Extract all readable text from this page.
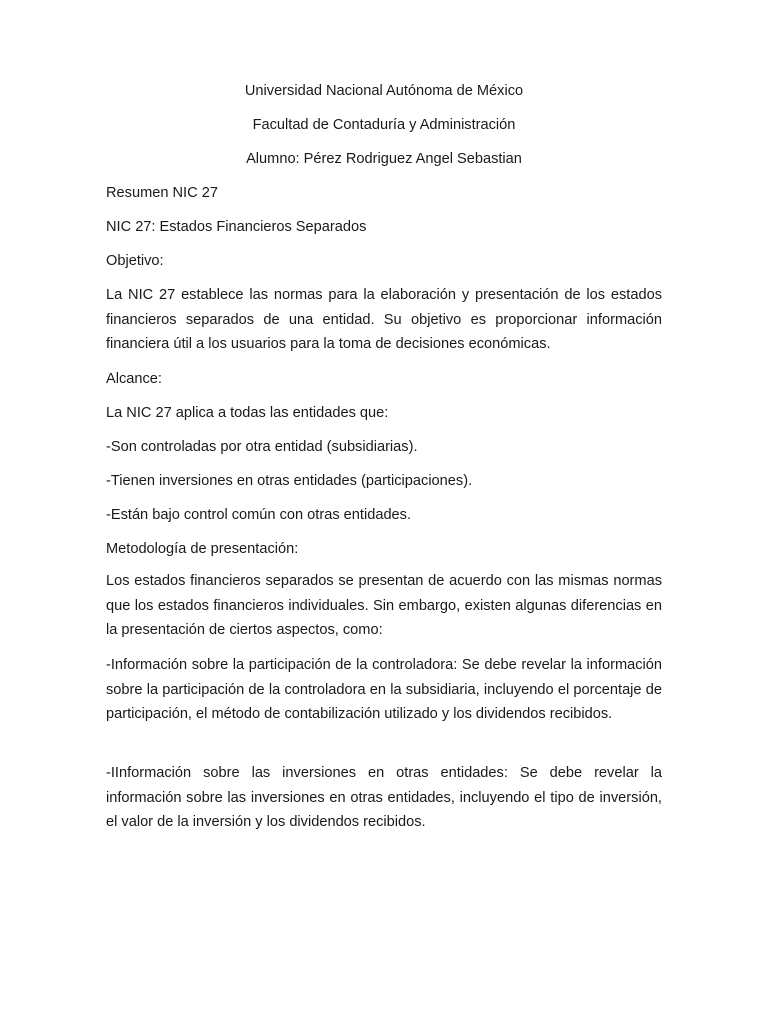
Universidad Nacional Autónoma de México

Facultad de Contaduría y Administración

Alumno: Pérez Rodriguez Angel Sebastian

Resumen NIC 27

NIC 27: Estados Financieros Separados

Objetivo:

La NIC 27 establece las normas para la elaboración y presentación de los estados financieros separados de una entidad. Su objetivo es proporcionar información financiera útil a los usuarios para la toma de decisiones económicas.

Alcance:

La NIC 27 aplica a todas las entidades que:

-Son controladas por otra entidad (subsidiarias).

-Tienen inversiones en otras entidades (participaciones).

-Están bajo control común con otras entidades.

Metodología de presentación:

Los estados financieros separados se presentan de acuerdo con las mismas normas que los estados financieros individuales. Sin embargo, existen algunas diferencias en la presentación de ciertos aspectos, como:

-Información sobre la participación de la controladora: Se debe revelar la información sobre la participación de la controladora en la subsidiaria, incluyendo el porcentaje de participación, el método de contabilización utilizado y los dividendos recibidos.

-IInformación sobre las inversiones en otras entidades: Se debe revelar la información sobre las inversiones en otras entidades, incluyendo el tipo de inversión, el valor de la inversión y los dividendos recibidos.
